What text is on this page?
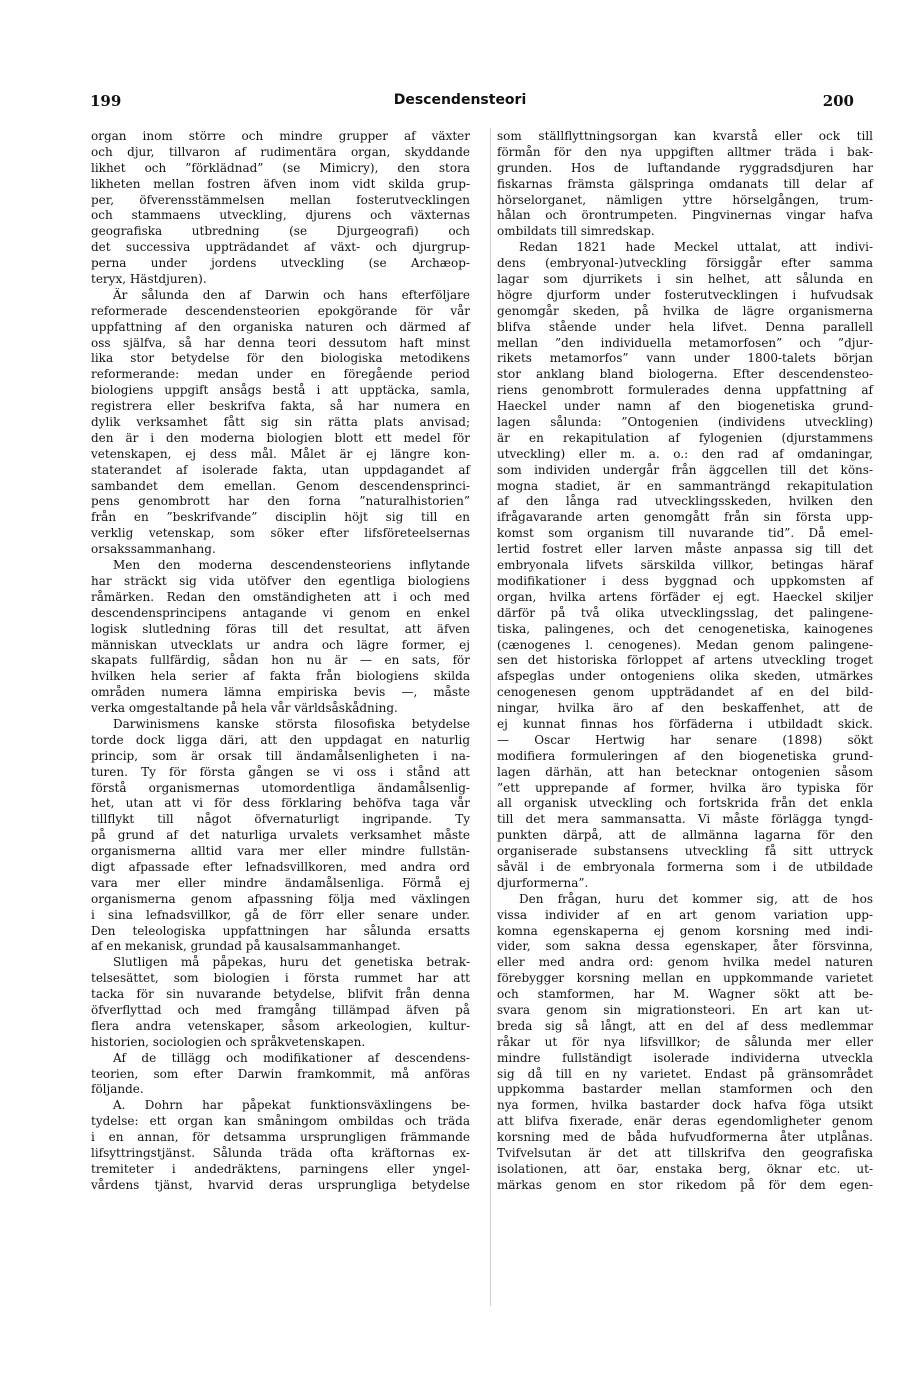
199	Descendensteori	200
organ inom större och mindre grupper af växter
och djur, tillvaron af rudimentära organ, skyddande
likhet och ”förklädnad” (se Mimicry), den stora
likheten mellan fostren äfven inom vidt skilda grup-
per, öfverensstämmelsen mellan fosterutvecklingen
och stammaens utveckling, djurens och växternas
geografiska utbredning (se Djurgeografi) och
det successiva uppträdandet af växt- och djurgrup-
perna under jordens utveckling (se Archæop-
teryx, Hästdjuren).
Är sålunda den af Darwin och hans efterföljare
reformerade descendensteorien epokgörande för vår
uppfattning af den organiska naturen och därmed af
oss själfva, så har denna teori dessutom haft minst
lika stor betydelse för den biologiska metodikens
reformerande: medan under en föregående period
biologiens uppgift ansågs bestå i att upptäcka, samla,
registrera eller beskrifva fakta, så har numera en
dylik verksamhet fått sig sin rätta plats anvisad;
den är i den moderna biologien blott ett medel för
vetenskapen, ej dess mål. Målet är ej längre kon-
staterandet af isolerade fakta, utan uppdagandet af
sambandet dem emellan. Genom descendensprinci-
pens genombrott har den forna ”naturalhistorien”
från en ”beskrifvande” disciplin höjt sig till en
verklig vetenskap, som söker efter lifsföreteelsernas
orsakssammanhang.
Men den moderna descendensteoriens inflytande
har sträckt sig vida utöfver den egentliga biologiens
råmärken. Redan den omständigheten att i och med
descendensprincipens antagande vi genom en enkel
logisk slutledning föras till det resultat, att äfven
människan utvecklats ur andra och lägre former, ej
skapats fullfärdig, sådan hon nu är — en sats, för
hvilken hela serier af fakta från biologiens skilda
områden numera lämna empiriska bevis —, måste
verka omgestaltande på hela vår världsåskådning.
Darwinismens kanske största filosofiska betydelse
torde dock ligga däri, att den uppdagat en naturlig
princip, som är orsak till ändamålsenligheten i na-
turen. Ty för första gången se vi oss i stånd att
förstå organismernas utomordentliga ändamålsenlig-
het, utan att vi för dess förklaring behöfva taga vår
tillflykt till något öfvernaturligt ingripande. Ty
på grund af det naturliga urvalets verksamhet måste
organismerna alltid vara mer eller mindre fullstän-
digt afpassade efter lefnadsvillkoren, med andra ord
vara mer eller mindre ändamålsenliga. Förmå ej
organismerna genom afpassning följa med växlingen
i sina lefnadsvillkor, gå de förr eller senare under.
Den teleologiska uppfattningen har sålunda ersatts
af en mekanisk, grundad på kausalsammanhanget.
Slutligen må påpekas, huru det genetiska betrak-
telsesättet, som biologien i första rummet har att
tacka för sin nuvarande betydelse, blifvit från denna
öfverflyttad och med framgång tillämpad äfven på
flera andra vetenskaper, såsom arkeologien, kultur-
historien, sociologien och språkvetenskapen.
Af de tillägg och modifikationer af descendens-
teorien, som efter Darwin framkommit, må anföras
följande.
A. Dohrn har påpekat funktionsväxlingens be-
tydelse: ett organ kan småningom ombildas och träda
i en annan, för detsamma ursprungligen främmande
lifsyttringstjänst. Sålunda träda ofta kräftornas ex-
tremiteter i andedräktens, parningens eller yngel-
vårdens tjänst, hvarvid deras ursprungliga betydelse
som ställflyttningsorgan kan kvarstå eller ock till
förmån för den nya uppgiften alltmer träda i bak-
grunden. Hos de luftandande ryggradsdjuren har
fiskarnas främsta gälspringa omdanats till delar af
hörselorganet, nämligen yttre hörselgången, trum-
hålan och örontrumpeten. Pingvinernas vingar hafva
ombildats till simredskap.
Redan 1821 hade Meckel uttalat, att indivi-
dens (embryonal-)utveckling försiggår efter samma
lagar som djurrikets i sin helhet, att sålunda en
högre djurform under fosterutvecklingen i hufvudsak
genomgår skeden, på hvilka de lägre organismerna
blifva stående under hela lifvet. Denna parallell
mellan ”den individuella metamorfosen” och ”djur-
rikets metamorfos” vann under 1800-talets början
stor anklang bland biologerna. Efter descendensteo-
riens genombrott formulerades denna uppfattning af
Haeckel under namn af den biogenetiska grund-
lagen sålunda: ”Ontogenien (individens utveckling)
är en rekapitulation af fylogenien (djurstammens
utveckling) eller m. a. o.: den rad af omdaningar,
som individen undergår från äggcellen till det köns-
mogna stadiet, är en sammanträngd rekapitulation
af den långa rad utvecklingsskeden, hvilken den
ifrågavarande arten genomgått från sin första upp-
komst som organism till nuvarande tid”. Då emel-
lertid fostret eller larven måste anpassa sig till det
embryonala lifvets särskilda villkor, betingas häraf
modifikationer i dess byggnad och uppkomsten af
organ, hvilka artens förfäder ej egt. Haeckel skiljer
därför på två olika utvecklingsslag, det palingene-
tiska, palingenes, och det cenogenetiska, kainogenes
(cænogenes l. cenogenes). Medan genom palingene-
sen det historiska förloppet af artens utveckling troget
afspeglas under ontogeniens olika skeden, utmärkes
cenogenesen genom uppträdandet af en del bild-
ningar, hvilka äro af den beskaffenhet, att de
ej kunnat finnas hos förfäderna i utbildadt skick.
— Oscar Hertwig har senare (1898) sökt
modifiera formuleringen af den biogenetiska grund-
lagen därhän, att han betecknar ontogenien såsom
”ett upprepande af former, hvilka äro typiska för
all organisk utveckling och fortskrida från det enkla
till det mera sammansatta. Vi måste förlägga tyngd-
punkten därpå, att de allmänna lagarna för den
organiserade substansens utveckling få sitt uttryck
såväl i de embryonala formerna som i de utbildade
djurformerna”.
Den frågan, huru det kommer sig, att de hos
vissa individer af en art genom variation upp-
komna egenskaperna ej genom korsning med indi-
vider, som sakna dessa egenskaper, åter försvinna,
eller med andra ord: genom hvilka medel naturen
förebygger korsning mellan en uppkommande varietet
och stamformen, har M. Wagner sökt att be-
svara genom sin migrationsteori. En art kan ut-
breda sig så långt, att en del af dess medlemmar
råkar ut för nya lifsvillkor; de sålunda mer eller
mindre fullständigt isolerade individerna utveckla
sig då till en ny varietet. Endast på gränsområdet
uppkomma bastarder mellan stamformen och den
nya formen, hvilka bastarder dock hafva föga utsikt
att blifva fixerade, enär deras egendomligheter genom
korsning med de båda hufvudformerna åter utplånas.
Tvifvelsutan är det att tillskrifva den geografiska
isolationen, att öar, enstaka berg, öknar etc. ut-
märkas genom en stor rikedom på för dem egen-
